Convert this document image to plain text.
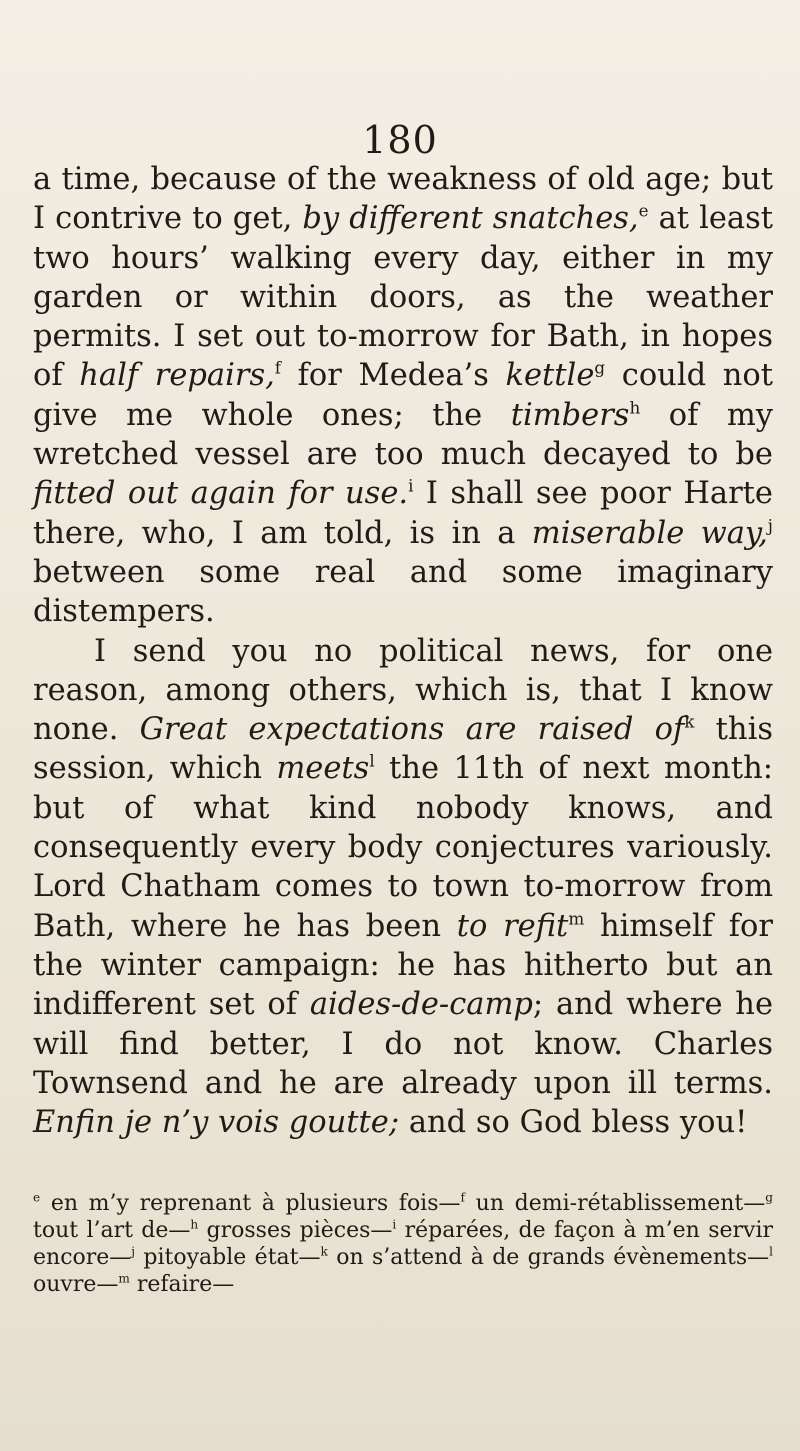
180

a time, because of the weakness of old age; but I contrive to get, by different snatches,$^e$ at least two hours’ walking every day, either in my garden or within doors, as the weather permits. I set out to-morrow for Bath, in hopes of half repairs,$^f$ for Medea’s kettle$^g$ could not give me whole ones; the timbers$^h$ of my wretched vessel are too much decayed to be fitted out again for use.$^i$ I shall see poor Harte there, who, I am told, is in a miserable way,$^j$ between some real and some imaginary distempers.

I send you no political news, for one reason, among others, which is, that I know none. Great expectations are raised $of^k$ this session, which meets$^l$ the 11th of next month: but of what kind nobody knows, and consequently every body conjectures variously. Lord Chatham comes to town to-morrow from Bath, where he has been to refit$^m$ himself for the winter campaign: he has hitherto but an indifferent set of aides-de-camp; and where he will find better, I do not know. Charles Townsend and he are already upon ill terms. Enfin je n’y vois goutte; and so God bless you!

$^e$ en m’y reprenant à plusieurs fois—$^f$ un demi-rétablissement—$^g$ tout l’art de—$^h$ grosses pièces—$^i$ réparées, de façon à m’en servir encore—$^j$ pitoyable état—$^k$ on s’attend à de grands évènements—$^l$ ouvre—$^m$ refaire—
